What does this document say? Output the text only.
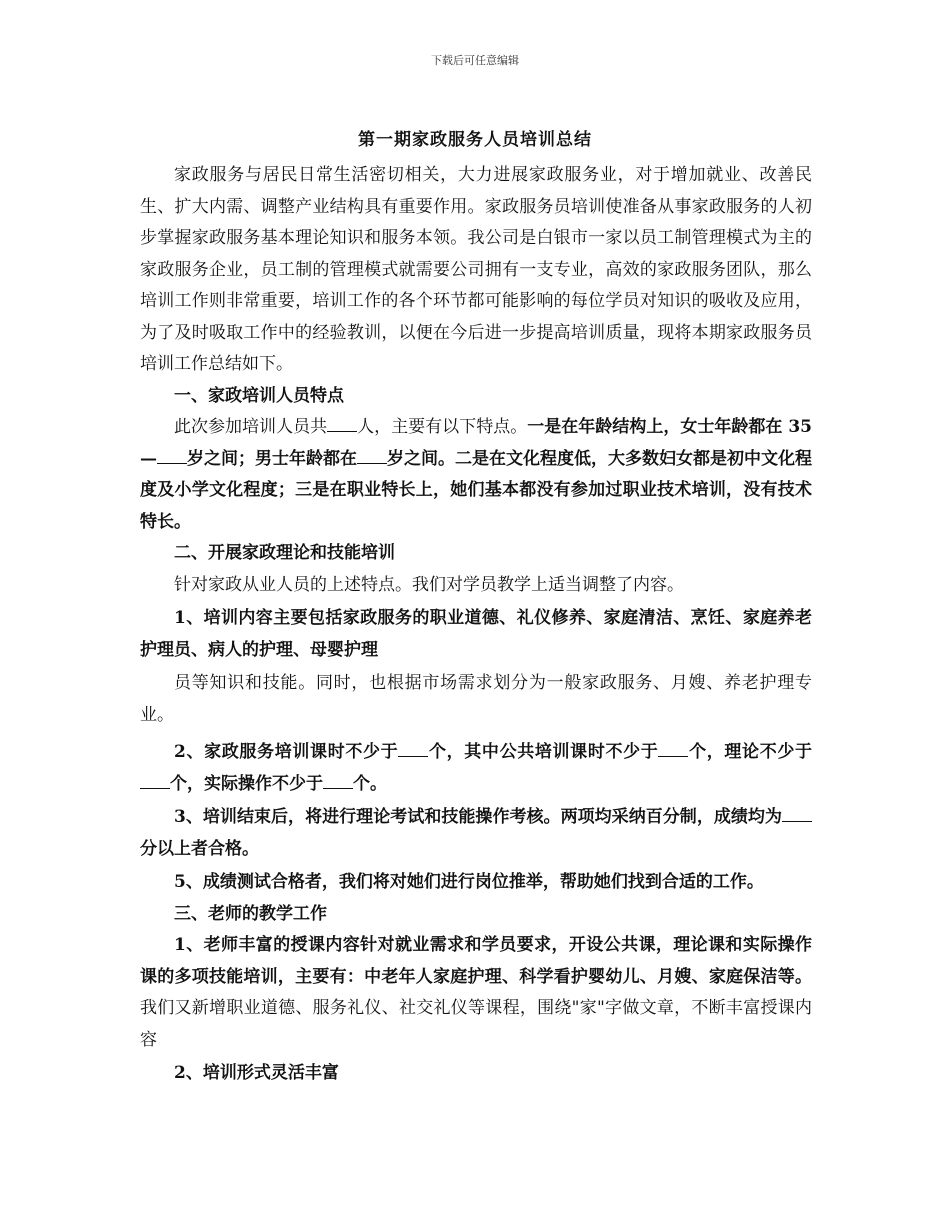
下载后可任意编辑
第一期家政服务人员培训总结

家政服务与居民日常生活密切相关，大力进展家政服务业，对于增加就业、改善民生、扩大内需、调整产业结构具有重要作用。家政服务员培训使准备从事家政服务的人初步掌握家政服务基本理论知识和服务本领。我公司是白银市一家以员工制管理模式为主的家政服务企业，员工制的管理模式就需要公司拥有一支专业，高效的家政服务团队，那么培训工作则非常重要，培训工作的各个环节都可能影响的每位学员对知识的吸收及应用，为了及时吸取工作中的经验教训，以便在今后进一步提高培训质量，现将本期家政服务员培训工作总结如下。

一、家政培训人员特点

此次参加培训人员共 人，主要有以下特点。一是在年龄结构上，女士年龄都在 35— 岁之间；男士年龄都在 岁之间。二是在文化程度低，大多数妇女都是初中文化程度及小学文化程度；三是在职业特长上，她们基本都没有参加过职业技术培训，没有技术特长。

二、开展家政理论和技能培训

针对家政从业人员的上述特点。我们对学员教学上适当调整了内容。

1、培训内容主要包括家政服务的职业道德、礼仪修养、家庭清洁、烹饪、家庭养老护理员、病人的护理、母婴护理

员等知识和技能。同时，也根据市场需求划分为一般家政服务、月嫂、养老护理专业。

2、家政服务培训课时不少于 个，其中公共培训课时不少于 个，理论不少于个，实际操作不少于 个。

3、培训结束后，将进行理论考试和技能操作考核。两项均采纳百分制，成绩均为分以上者合格。

5、成绩测试合格者，我们将对她们进行岗位推举，帮助她们找到合适的工作。

三、老师的教学工作

1、老师丰富的授课内容针对就业需求和学员要求，开设公共课，理论课和实际操作课的多项技能培训，主要有：中老年人家庭护理、科学看护婴幼儿、月嫂、家庭保洁等。我们又新增职业道德、服务礼仪、社交礼仪等课程，围绕"家"字做文章，不断丰富授课内容

2、培训形式灵活丰富
